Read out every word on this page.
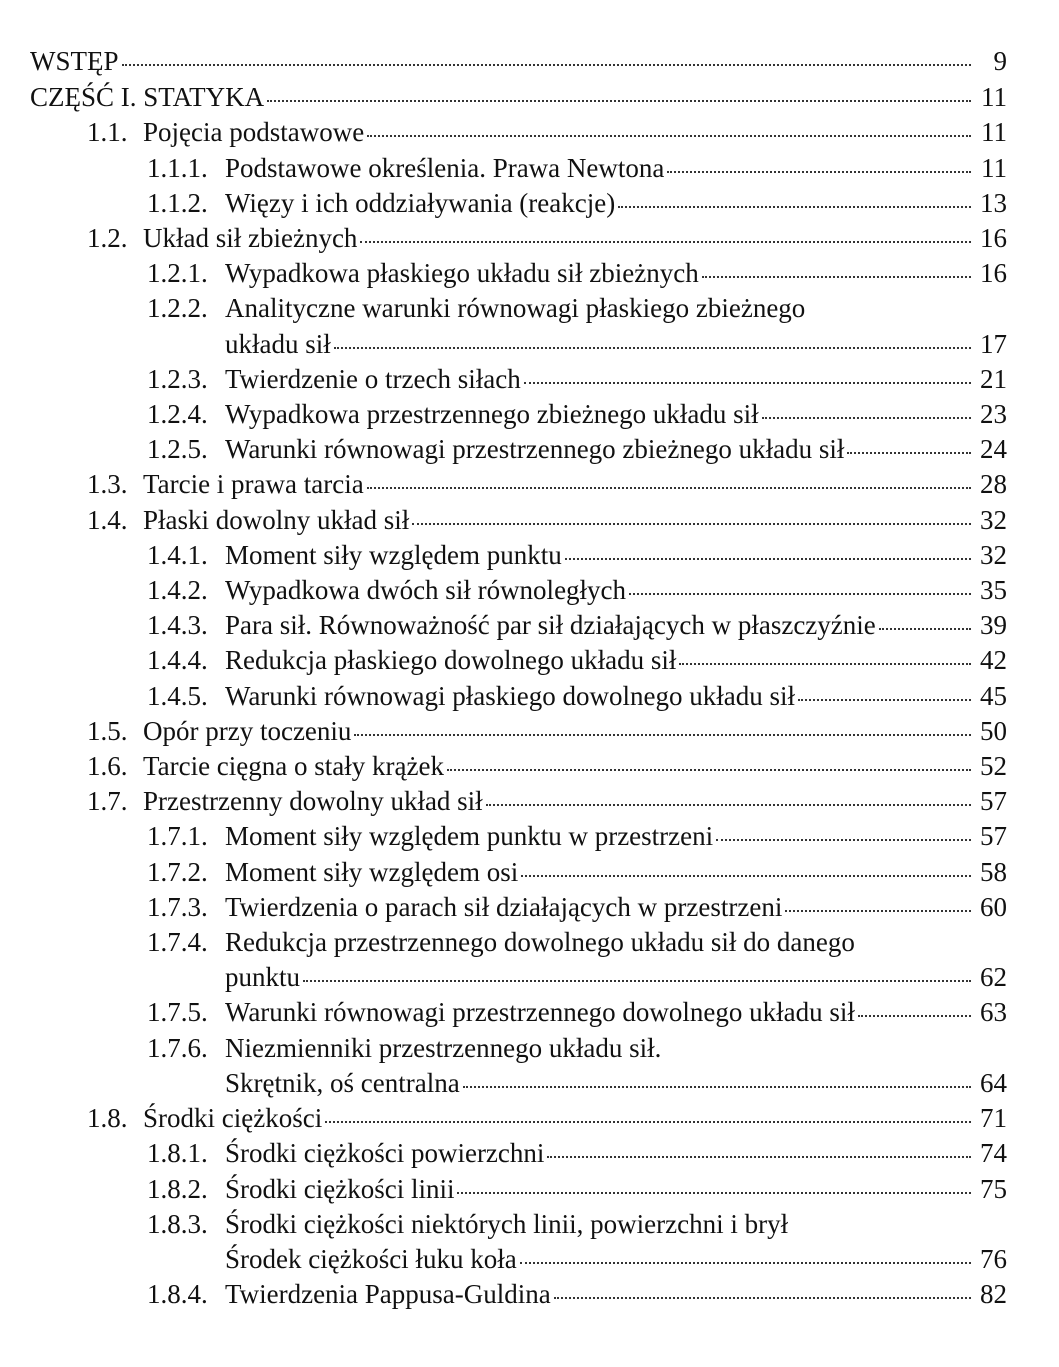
WSTĘP	9
CZĘŚĆ I. STATYKA	11
1.1. Pojęcia podstawowe	11
1.1.1. Podstawowe określenia. Prawa Newtona	11
1.1.2. Więzy i ich oddziaływania (reakcje)	13
1.2. Układ sił zbieżnych	16
1.2.1. Wypadkowa płaskiego układu sił zbieżnych	16
1.2.2. Analityczne warunki równowagi płaskiego zbieżnego
układu sił	17
1.2.3. Twierdzenie o trzech siłach	21
1.2.4. Wypadkowa przestrzennego zbieżnego układu sił	23
1.2.5. Warunki równowagi przestrzennego zbieżnego układu sił	24
1.3. Tarcie i prawa tarcia	28
1.4. Płaski dowolny układ sił	32
1.4.1. Moment siły względem punktu	32
1.4.2. Wypadkowa dwóch sił równoległych	35
1.4.3. Para sił. Równoważność par sił działających w płaszczyźnie	39
1.4.4. Redukcja płaskiego dowolnego układu sił	42
1.4.5. Warunki równowagi płaskiego dowolnego układu sił	45
1.5. Opór przy toczeniu	50
1.6. Tarcie cięgna o stały krążek	52
1.7. Przestrzenny dowolny układ sił	57
1.7.1. Moment siły względem punktu w przestrzeni	57
1.7.2. Moment siły względem osi	58
1.7.3. Twierdzenia o parach sił działających w przestrzeni	60
1.7.4. Redukcja przestrzennego dowolnego układu sił do danego
punktu	62
1.7.5. Warunki równowagi przestrzennego dowolnego układu sił	63
1.7.6. Niezmienniki przestrzennego układu sił.
Skrętnik, oś centralna	64
1.8. Środki ciężkości	71
1.8.1. Środki ciężkości powierzchni	74
1.8.2. Środki ciężkości linii	75
1.8.3. Środki ciężkości niektórych linii, powierzchni i brył
Środek ciężkości łuku koła	76
1.8.4. Twierdzenia Pappusa-Guldina	82
